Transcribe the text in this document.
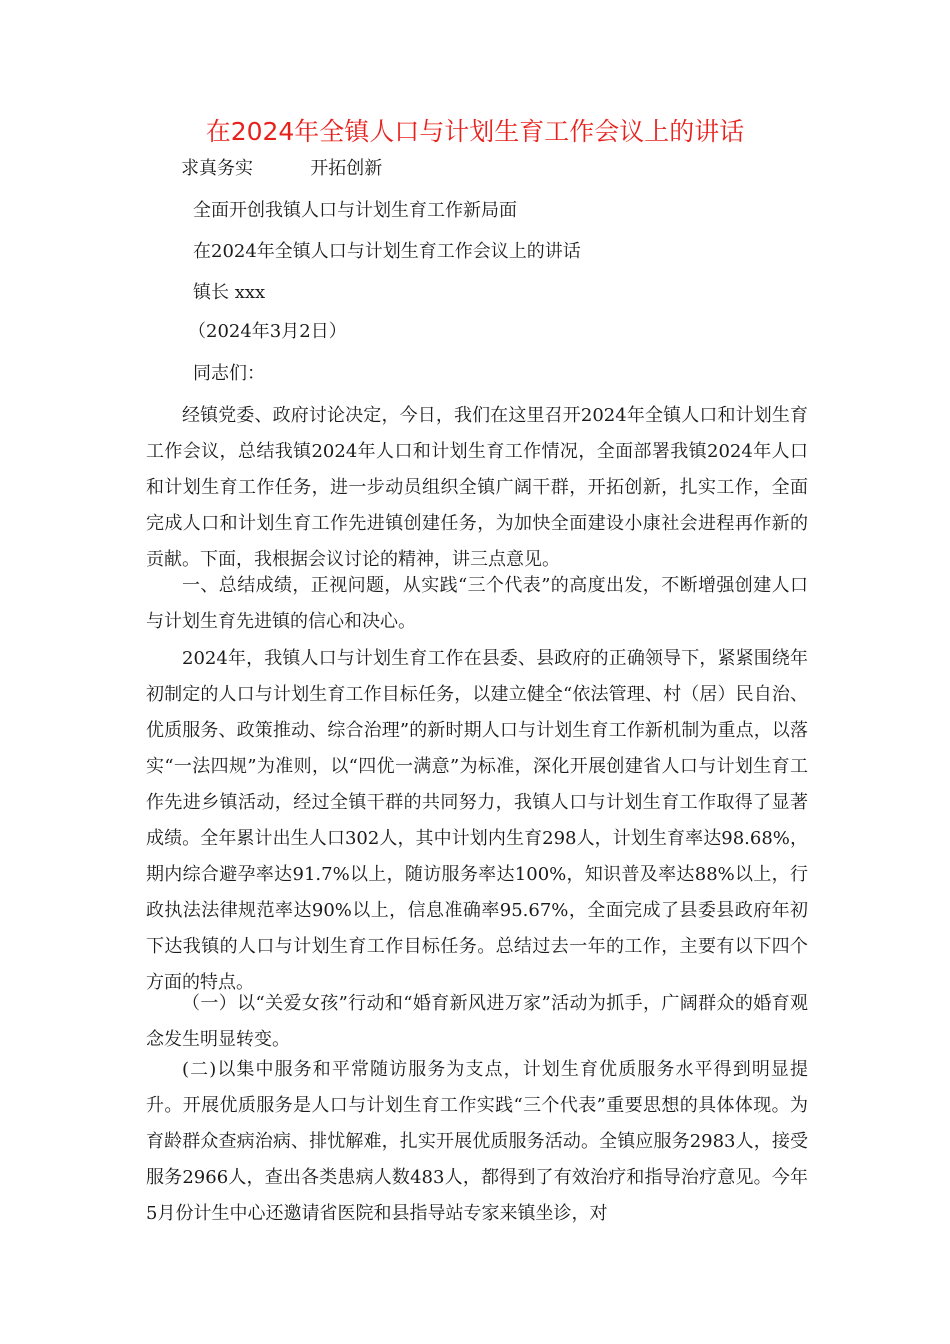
在2024年全镇人口与计划生育工作会议上的讲话
求真务实          开拓创新
全面开创我镇人口与计划生育工作新局面
在2024年全镇人口与计划生育工作会议上的讲话
镇长 xxx
（2024年3月2日）
同志们：

经镇党委、政府讨论决定，今日，我们在这里召开2024年全镇人口和计划生育工作会议，总结我镇2024年人口和计划生育工作情况，全面部署我镇2024年人口和计划生育工作任务，进一步动员组织全镇广阔干群，开拓创新，扎实工作，全面完成人口和计划生育工作先进镇创建任务，为加快全面建设小康社会进程再作新的贡献。下面，我根据会议讨论的精神，讲三点意见。

一、总结成绩，正视问题，从实践“三个代表”的高度出发，不断增强创建人口与计划生育先进镇的信心和决心。

2024年，我镇人口与计划生育工作在县委、县政府的正确领导下，紧紧围绕年初制定的人口与计划生育工作目标任务，以建立健全“依法管理、村（居）民自治、优质服务、政策推动、综合治理”的新时期人口与计划生育工作新机制为重点，以落实“一法四规”为准则，以“四优一满意”为标准，深化开展创建省人口与计划生育工作先进乡镇活动，经过全镇干群的共同努力，我镇人口与计划生育工作取得了显著成绩。全年累计出生人口302人，其中计划内生育298人，计划生育率达98.68%，期内综合避孕率达91.7%以上，随访服务率达100%，知识普及率达88%以上，行政执法法律规范率达90%以上，信息准确率95.67%，全面完成了县委县政府年初下达我镇的人口与计划生育工作目标任务。总结过去一年的工作，主要有以下四个方面的特点。

（一）以“关爱女孩”行动和“婚育新风进万家”活动为抓手，广阔群众的婚育观念发生明显转变。

(二)以集中服务和平常随访服务为支点，计划生育优质服务水平得到明显提升。开展优质服务是人口与计划生育工作实践“三个代表”重要思想的具体体现。为育龄群众查病治病、排忧解难，扎实开展优质服务活动。全镇应服务2983人，接受服务2966人，查出各类患病人数483人，都得到了有效治疗和指导治疗意见。今年5月份计生中心还邀请省医院和县指导站专家来镇坐诊，对
